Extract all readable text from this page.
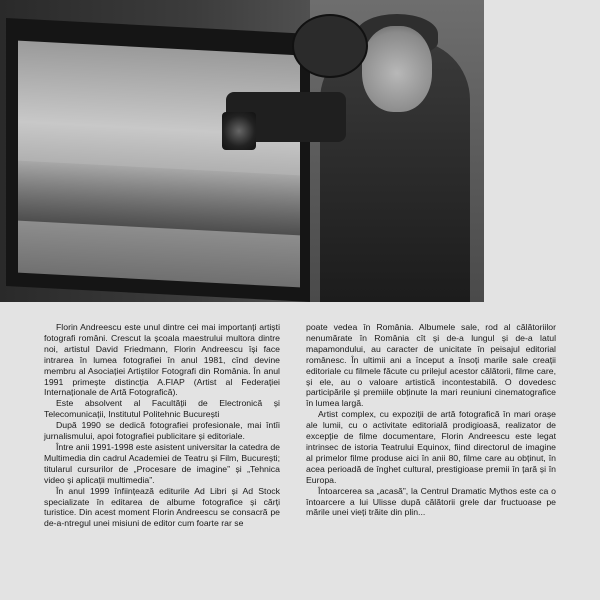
Florin Andreescu este unul dintre cei mai importanți artiști fotografi români. Crescut la școala maestrului multora dintre noi, artistul David Friedmann, Florin Andreescu își face intrarea în lumea fotografiei în anul 1981, cînd devine membru al Asociației Artiștilor Fotografi din România. În anul 1991 primește distincția A.FIAP (Artist al Federației Internaționale de Artă Fotografică).

Este absolvent al Facultății de Electronică și Telecomunicații, Institutul Politehnic București

După 1990 se dedică fotografiei profesionale, mai întîi jurnalismului, apoi fotografiei publicitare și editoriale.

Între anii 1991-1998 este asistent universitar la catedra de Multimedia din cadrul Academiei de Teatru și Film, București; titularul cursurilor de „Procesare de imagine” și „Tehnica video și aplicații multimedia”.

În anul 1999 înființează editurile Ad Libri și Ad Stock specializate în editarea de albume fotografice și cărți turistice. Din acest moment Florin Andreescu se consacră pe de-a-ntregul unei misiuni de editor cum foarte rar se

poate vedea în România. Albumele sale, rod al călătoriilor nenumărate în România cît și de-a lungul și de-a latul mapamondului, au caracter de unicitate în peisajul editorial românesc. În ultimii ani a început a însoți marile sale creații editoriale cu filmele făcute cu prilejul acestor călătorii, filme care, și ele, au o valoare artistică incontestabilă. O dovedesc participările și premiile obținute la mari reuniuni cinematografice în lumea largă.

Artist complex, cu expoziții de artă fotografică în mari orașe ale lumii, cu o activitate editorială prodigioasă, realizator de excepție de filme documentare, Florin Andreescu este legat intrinsec de istoria Teatrului Equinox, fiind directorul de imagine al primelor filme produse aici în anii 80, filme care au obținut, în acea perioadă de înghet cultural, prestigioase premii în țară și în Europa.

Întoarcerea sa „acasă”, la Centrul Dramatic Mythos este ca o întoarcere a lui Ulisse după călătorii grele dar fructuoase pe mările unei vieți trăite din plin...
